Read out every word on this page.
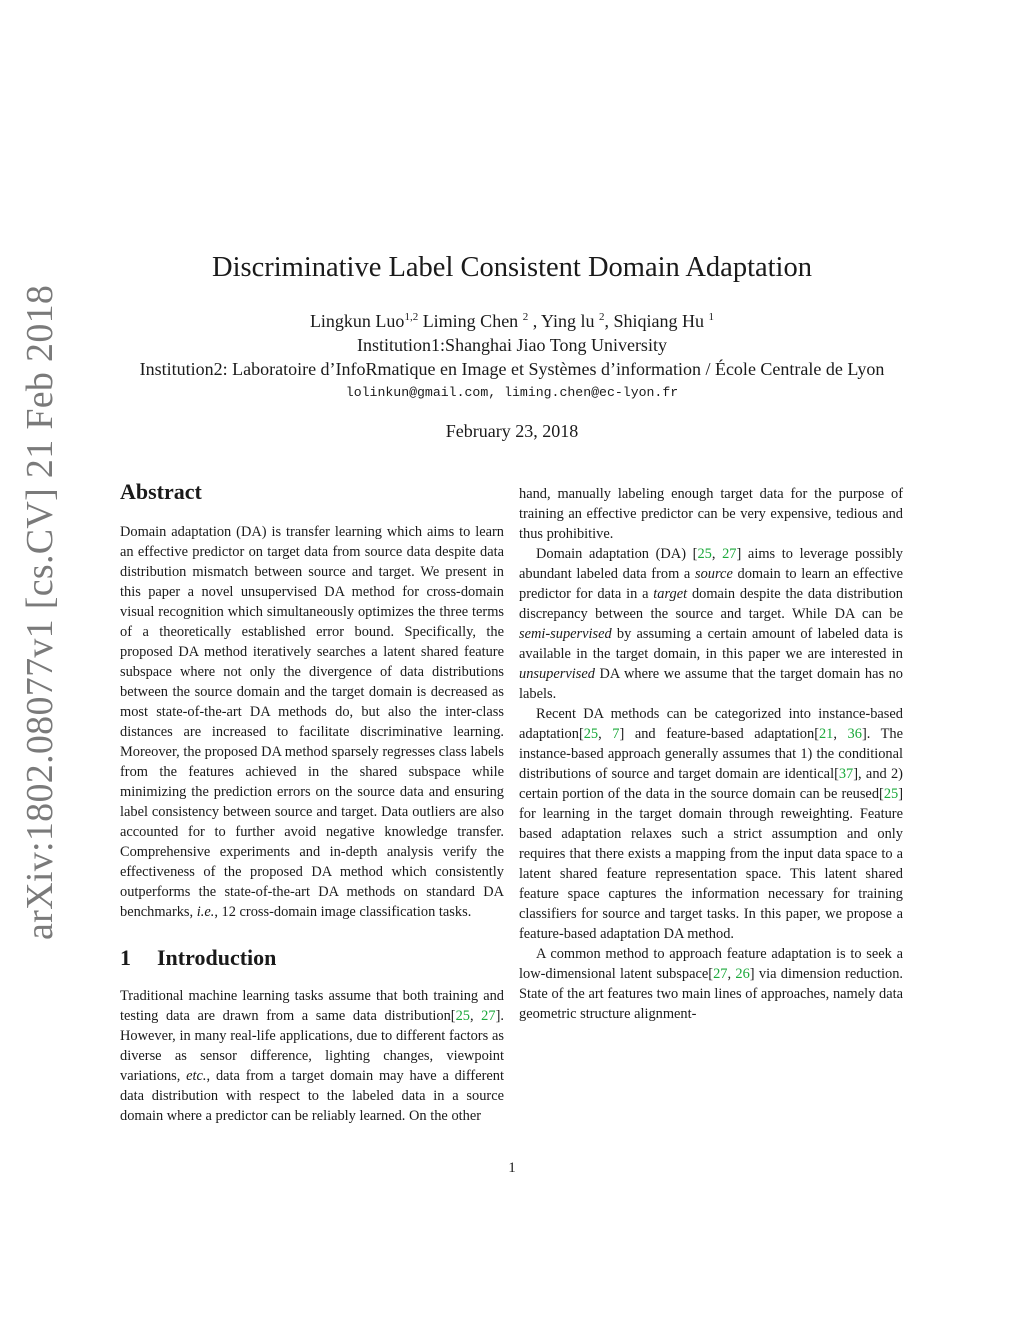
arXiv:1802.08077v1 [cs.CV] 21 Feb 2018
Discriminative Label Consistent Domain Adaptation
Lingkun Luo$^{1,2}$ Liming Chen $^2$ , Ying lu $^2$, Shiqiang Hu $^1$
Institution1:Shanghai Jiao Tong University
Institution2: Laboratoire d’InfoRmatique en Image et Systèmes d’information / École Centrale de Lyon
lolinkun@gmail.com, liming.chen@ec-lyon.fr
February 23, 2018
Abstract

Domain adaptation (DA) is transfer learning which aims to learn an effective predictor on target data from source data despite data distribution mismatch between source and target. We present in this paper a novel unsupervised DA method for cross-domain visual recognition which simultaneously optimizes the three terms of a theoretically established error bound. Specifically, the proposed DA method iteratively searches a latent shared feature subspace where not only the divergence of data distributions between the source domain and the target domain is decreased as most state-of-the-art DA methods do, but also the inter-class distances are increased to facilitate discriminative learning. Moreover, the proposed DA method sparsely regresses class labels from the features achieved in the shared subspace while minimizing the prediction errors on the source data and ensuring label consistency between source and target. Data outliers are also accounted for to further avoid negative knowledge transfer. Comprehensive experiments and in-depth analysis verify the effectiveness of the proposed DA method which consistently outperforms the state-of-the-art DA methods on standard DA benchmarks, i.e., 12 cross-domain image classification tasks.

1 Introduction

Traditional machine learning tasks assume that both training and testing data are drawn from a same data distribution[25, 27]. However, in many real-life applications, due to different factors as diverse as sensor difference, lighting changes, viewpoint variations, etc., data from a target domain may have a different data distribution with respect to the labeled data in a source domain where a predictor can be reliably learned. On the other

hand, manually labeling enough target data for the purpose of training an effective predictor can be very expensive, tedious and thus prohibitive.

Domain adaptation (DA) [25, 27] aims to leverage possibly abundant labeled data from a source domain to learn an effective predictor for data in a target domain despite the data distribution discrepancy between the source and target. While DA can be semi-supervised by assuming a certain amount of labeled data is available in the target domain, in this paper we are interested in unsupervised DA where we assume that the target domain has no labels.

Recent DA methods can be categorized into instance-based adaptation[25, 7] and feature-based adaptation[21, 36]. The instance-based approach generally assumes that 1) the conditional distributions of source and target domain are identical[37], and 2) certain portion of the data in the source domain can be reused[25] for learning in the target domain through reweighting. Feature based adaptation relaxes such a strict assumption and only requires that there exists a mapping from the input data space to a latent shared feature representation space. This latent shared feature space captures the information necessary for training classifiers for source and target tasks. In this paper, we propose a feature-based adaptation DA method.

A common method to approach feature adaptation is to seek a low-dimensional latent subspace[27, 26] via dimension reduction. State of the art features two main lines of approaches, namely data geometric structure alignment-

1
